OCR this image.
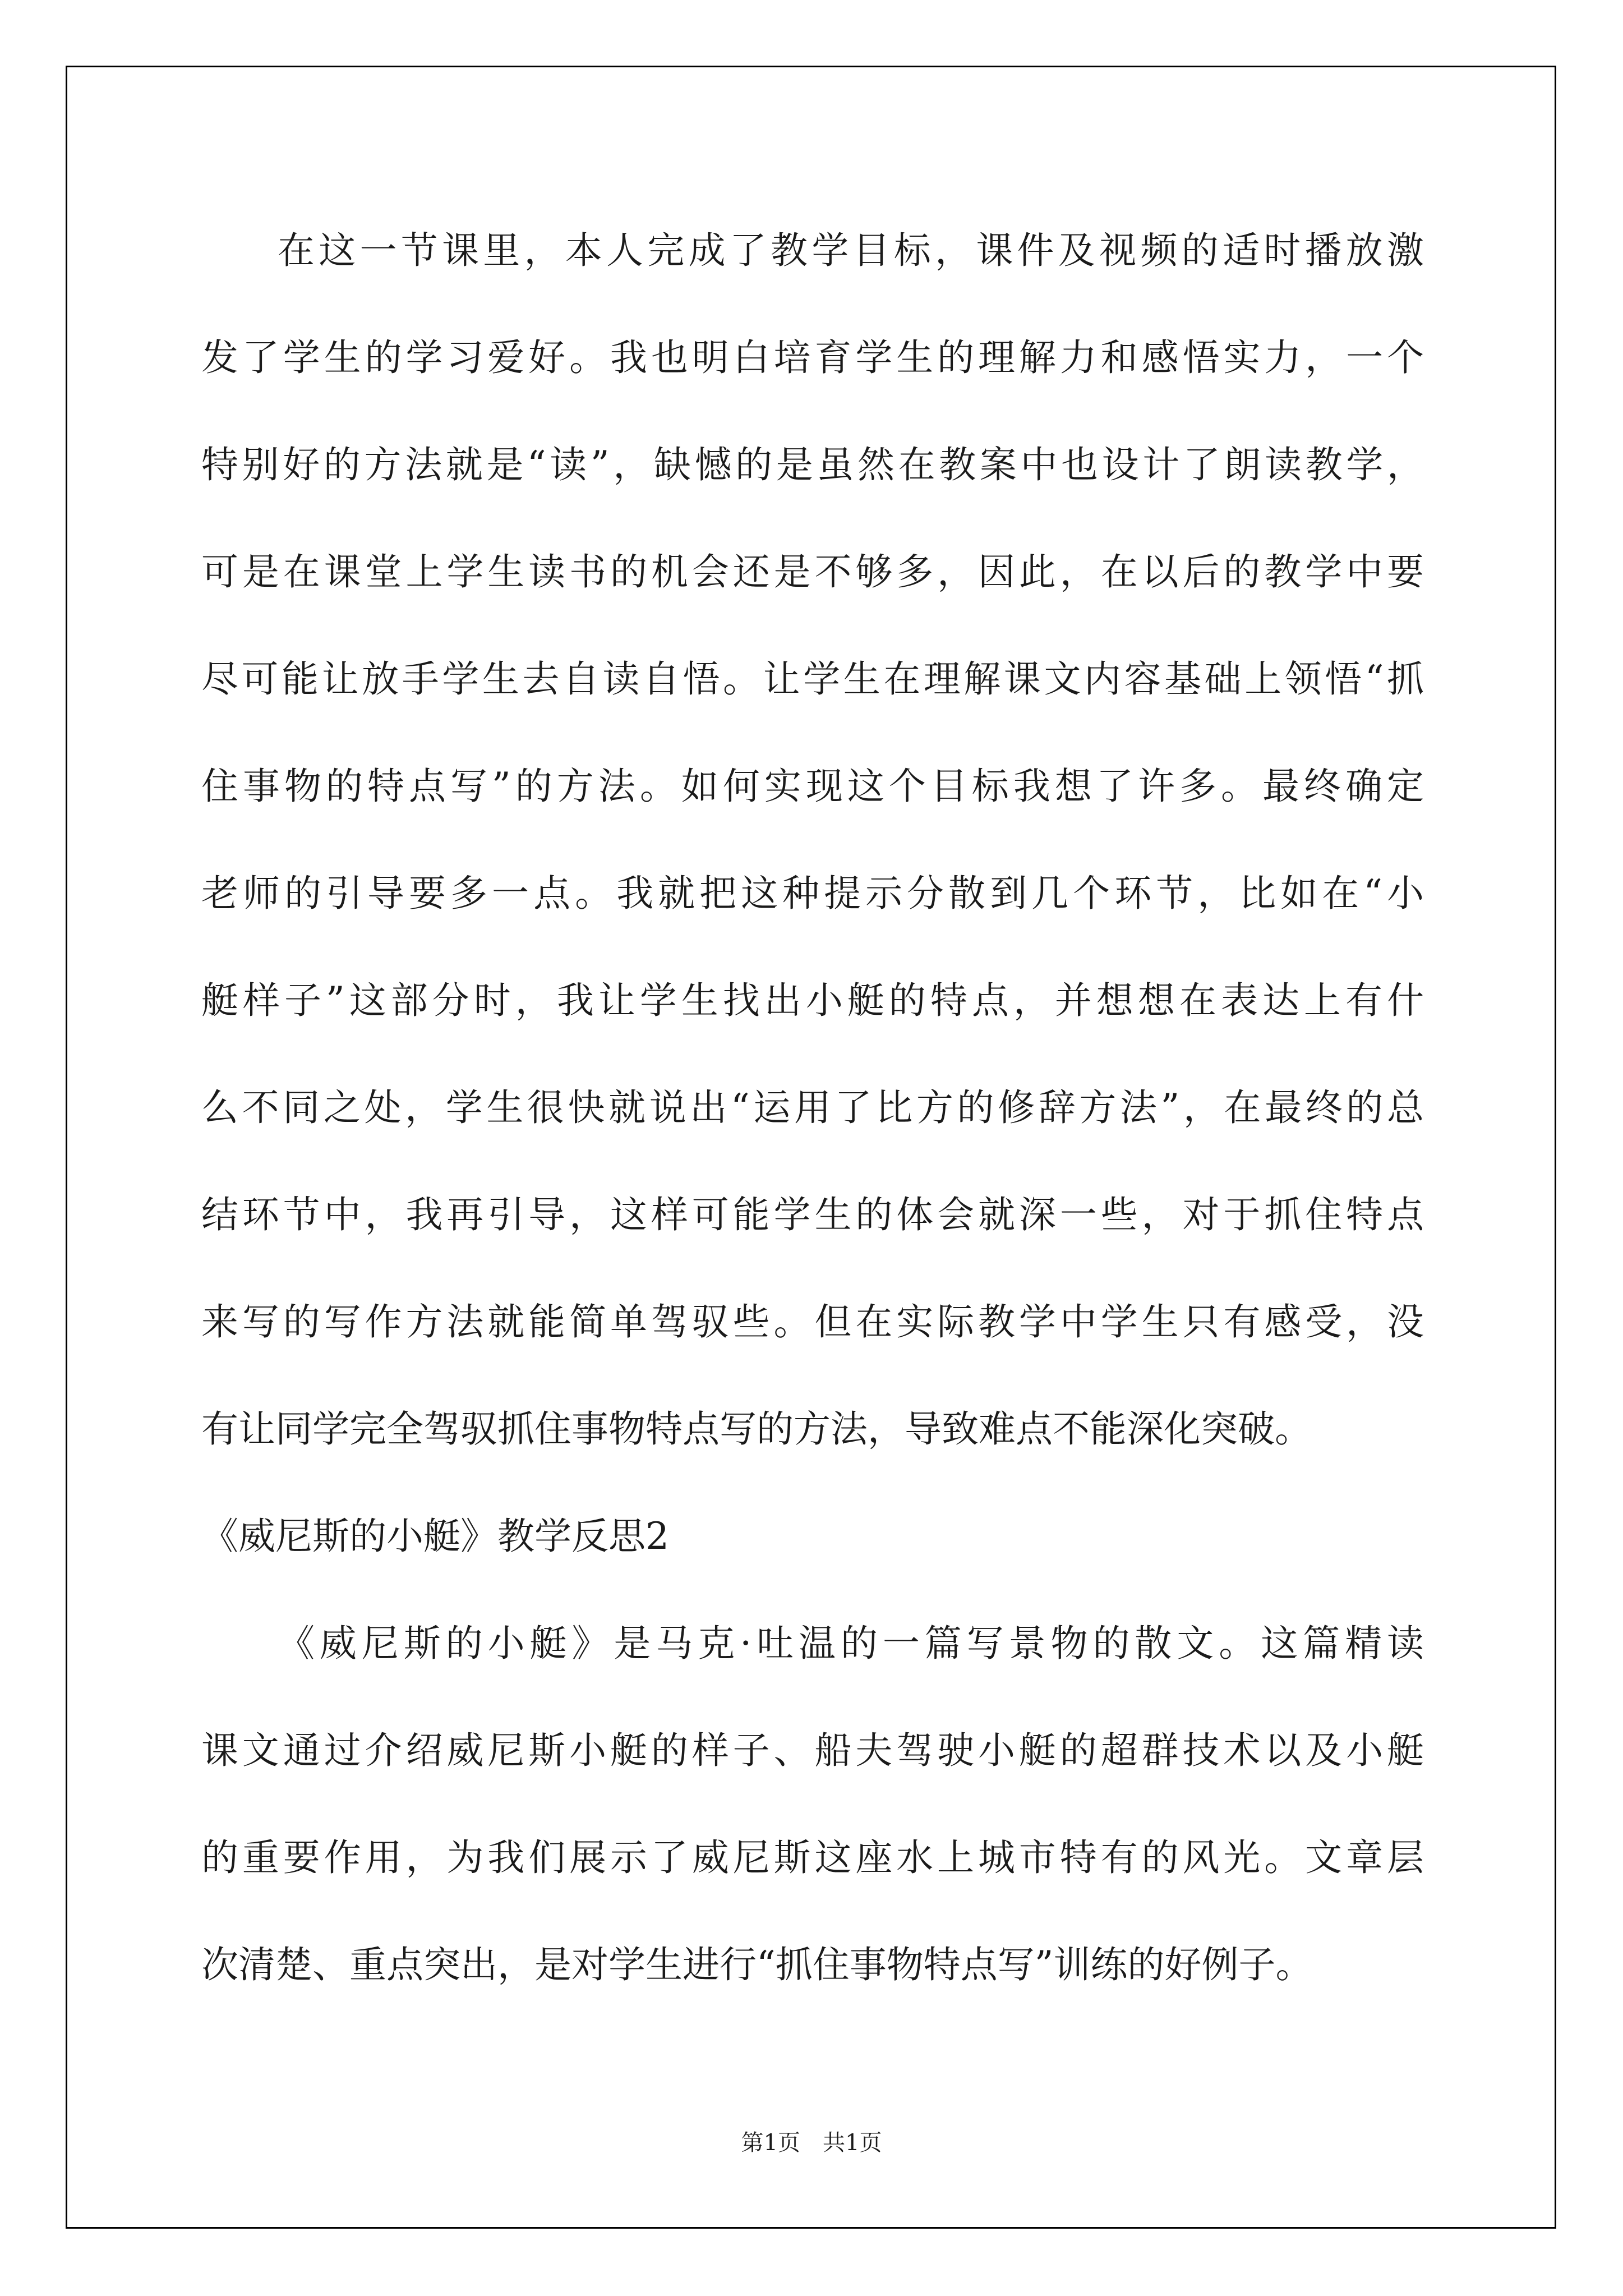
在这一节课里，本人完成了教学目标，课件及视频的适时播放激
发了学生的学习爱好。我也明白培育学生的理解力和感悟实力，一个
特别好的方法就是“读”，缺憾的是虽然在教案中也设计了朗读教学，
可是在课堂上学生读书的机会还是不够多，因此，在以后的教学中要
尽可能让放手学生去自读自悟。让学生在理解课文内容基础上领悟“抓
住事物的特点写”的方法。如何实现这个目标我想了许多。最终确定
老师的引导要多一点。我就把这种提示分散到几个环节，比如在“小
艇样子”这部分时，我让学生找出小艇的特点，并想想在表达上有什
么不同之处，学生很快就说出“运用了比方的修辞方法”，在最终的总
结环节中，我再引导，这样可能学生的体会就深一些，对于抓住特点
来写的写作方法就能简单驾驭些。但在实际教学中学生只有感受，没
有让同学完全驾驭抓住事物特点写的方法，导致难点不能深化突破。
《威尼斯的小艇》教学反思2
《威尼斯的小艇》是马克·吐温的一篇写景物的散文。这篇精读
课文通过介绍威尼斯小艇的样子、船夫驾驶小艇的超群技术以及小艇
的重要作用，为我们展示了威尼斯这座水上城市特有的风光。文章层
次清楚、重点突出，是对学生进行“抓住事物特点写”训练的好例子。
第1页　共1页
